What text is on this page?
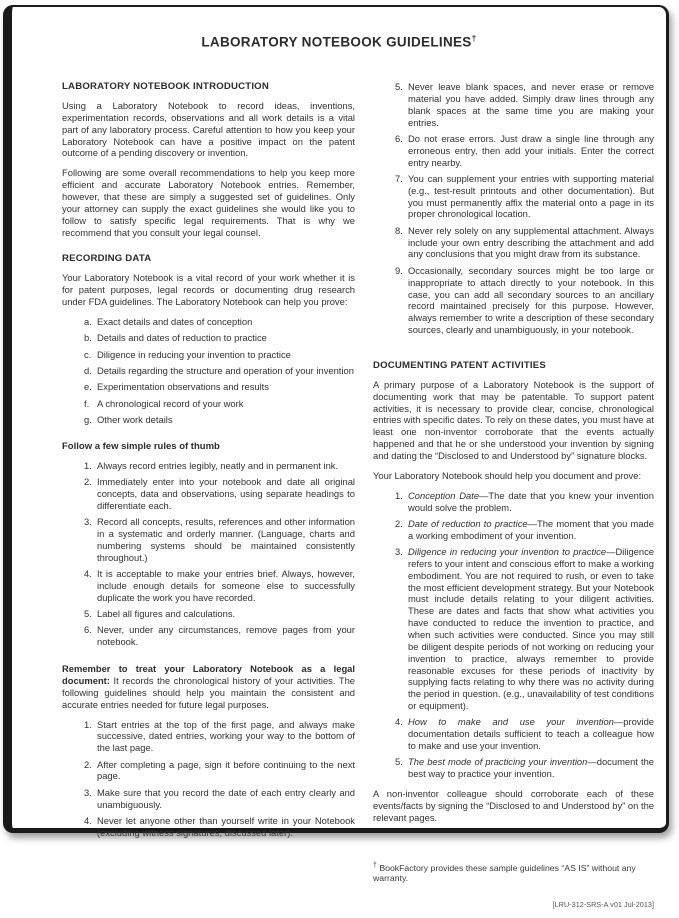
LABORATORY NOTEBOOK GUIDELINES†
LABORATORY NOTEBOOK INTRODUCTION

Using a Laboratory Notebook to record ideas, inventions, experimentation records, observations and all work details is a vital part of any laboratory process. Careful attention to how you keep your Laboratory Notebook can have a positive impact on the patent outcome of a pending discovery or invention.

Following are some overall recommendations to help you keep more efficient and accurate Laboratory Notebook entries. Remember, however, that these are simply a suggested set of guidelines. Only your attorney can supply the exact guidelines she would like you to follow to satisfy specific legal requirements. That is why we recommend that you consult your legal counsel.

RECORDING DATA

Your Laboratory Notebook is a vital record of your work whether it is for patent purposes, legal records or documenting drug research under FDA guidelines. The Laboratory Notebook can help you prove:

a. Exact details and dates of conception
b. Details and dates of reduction to practice
c. Diligence in reducing your invention to practice
d. Details regarding the structure and operation of your invention
e. Experimentation observations and results
f. A chronological record of your work
g. Other work details
Follow a few simple rules of thumb
1. Always record entries legibly, neatly and in permanent ink.
2. Immediately enter into your notebook and date all original concepts, data and observations, using separate headings to differentiate each.
3. Record all concepts, results, references and other information in a systematic and orderly manner. (Language, charts and numbering systems should be maintained consistently throughout.)
4. It is acceptable to make your entries brief. Always, however, include enough details for someone else to successfully duplicate the work you have recorded.
5. Label all figures and calculations.
6. Never, under any circumstances, remove pages from your notebook.

Remember to treat your Laboratory Notebook as a legal document: It records the chronological history of your activities. The following guidelines should help you maintain the consistent and accurate entries needed for future legal purposes.

1. Start entries at the top of the first page, and always make successive, dated entries, working your way to the bottom of the last page.
2. After completing a page, sign it before continuing to the next page.
3. Make sure that you record the date of each entry clearly and unambiguously.
4. Never let anyone other than yourself write in your Notebook (excluding witness signatures, discussed later).
5. Never leave blank spaces, and never erase or remove material you have added. Simply draw lines through any blank spaces at the same time you are making your entries.
6. Do not erase errors. Just draw a single line through any erroneous entry, then add your initials. Enter the correct entry nearby.
7. You can supplement your entries with supporting material (e.g., test-result printouts and other documentation). But you must permanently affix the material onto a page in its proper chronological location.
8. Never rely solely on any supplemental attachment. Always include your own entry describing the attachment and add any conclusions that you might draw from its substance.
9. Occasionally, secondary sources might be too large or inappropriate to attach directly to your notebook. In this case, you can add all secondary sources to an ancillary record maintained precisely for this purpose. However, always remember to write a description of these secondary sources, clearly and unambiguously, in your notebook.
DOCUMENTING PATENT ACTIVITIES

A primary purpose of a Laboratory Notebook is the support of documenting work that may be patentable. To support patent activities, it is necessary to provide clear, concise, chronological entries with specific dates. To rely on these dates, you must have at least one non-inventor corroborate that the events actually happened and that he or she understood your invention by signing and dating the “Disclosed to and Understood by” signature blocks.

Your Laboratory Notebook should help you document and prove:

1. Conception Date—The date that you knew your invention would solve the problem.
2. Date of reduction to practice—The moment that you made a working embodiment of your invention.
3. Diligence in reducing your invention to practice—Diligence refers to your intent and conscious effort to make a working embodiment. You are not required to rush, or even to take the most efficient development strategy. But your Notebook must include details relating to your diligent activities. These are dates and facts that show what activities you have conducted to reduce the invention to practice, and when such activities were conducted. Since you may still be diligent despite periods of not working on reducing your invention to practice, always remember to provide reasonable excuses for these periods of inactivity by supplying facts relating to why there was no activity during the period in question. (e.g., unavailability of test conditions or equipment).
4. How to make and use your invention—provide documentation details sufficient to teach a colleague how to make and use your invention.
5. The best mode of practicing your invention—document the best way to practice your invention.

A non-inventor colleague should corroborate each of these events/facts by signing the “Disclosed to and Understood by” on the relevant pages.

† BookFactory provides these sample guidelines “AS IS” without any warranty.

[LRU-312-SRS-A v01 Jul-2013]
